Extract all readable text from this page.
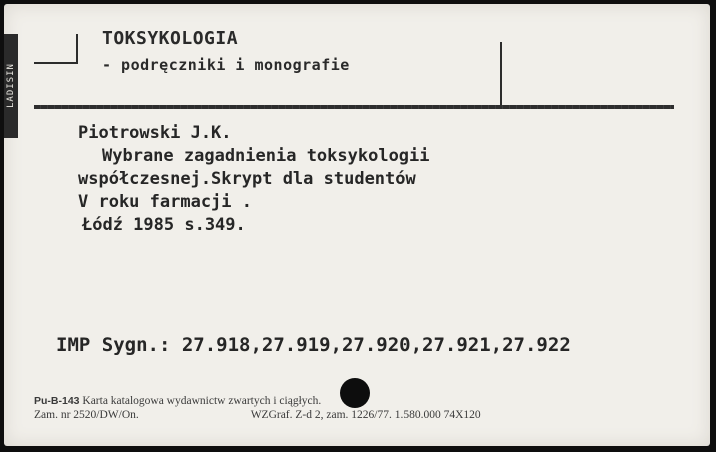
LADISIN
TOKSYKOLOGIA
- podręczniki i monografie
Piotrowski J.K.
Wybrane zagadnienia toksykologii
współczesnej.Skrypt dla studentów
V roku farmacji .
Łódź 1985 s.349.
IMP Sygn.: 27.918,27.919,27.920,27.921,27.922
Pu-B-143 Karta katalogowa wydawnictw zwartych i ciągłych.
Zam. nr 2520/DW/On.	WZGraf. Z-d 2, zam. 1226/77. 1.580.000 74X120
